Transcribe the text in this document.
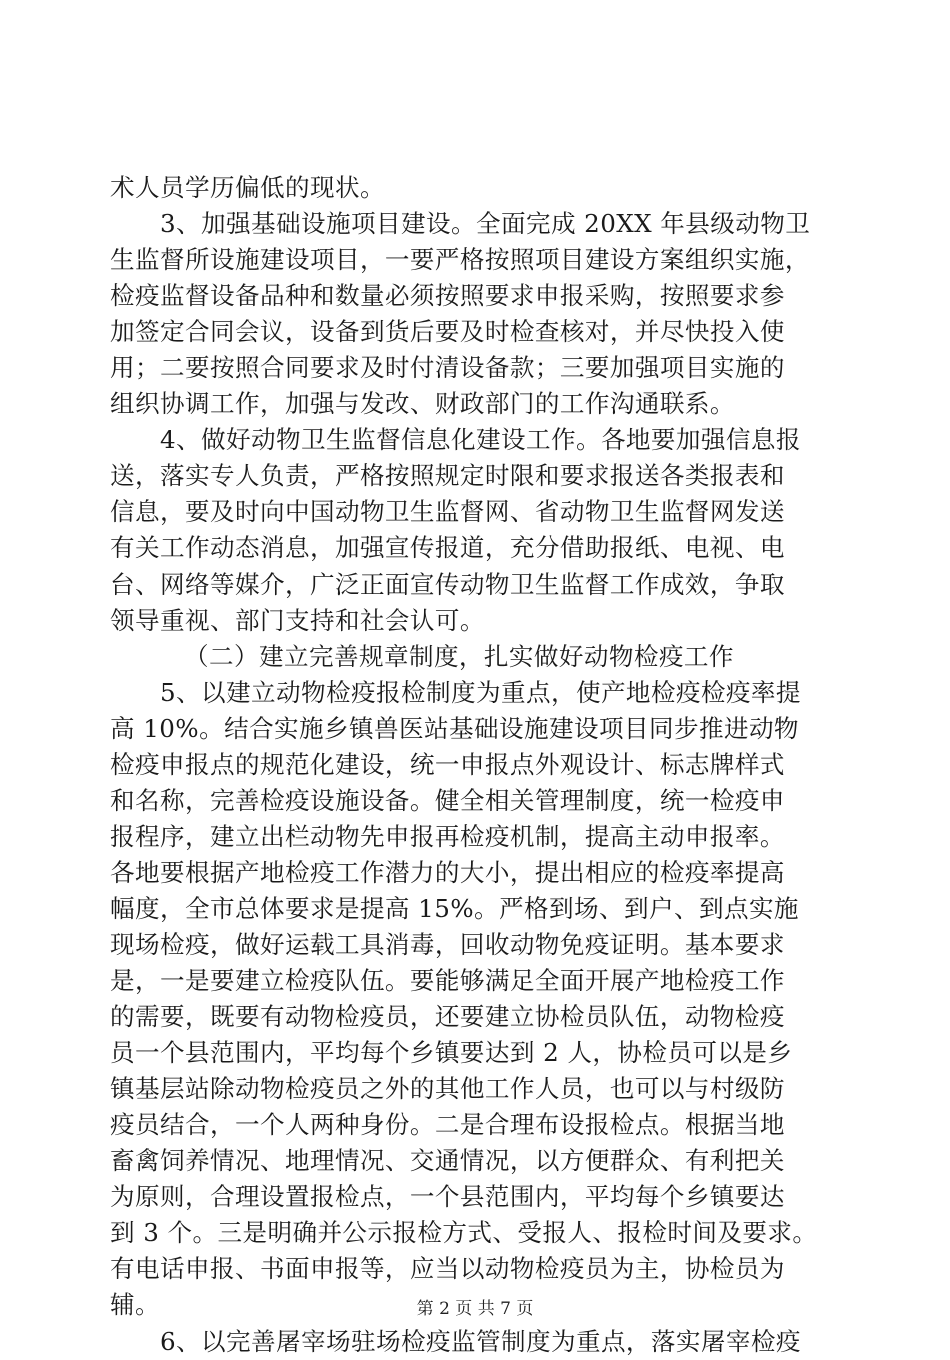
术人员学历偏低的现状。
3、加强基础设施项目建设。全面完成 20XX 年县级动物卫
生监督所设施建设项目，一要严格按照项目建设方案组织实施，
检疫监督设备品种和数量必须按照要求申报采购，按照要求参
加签定合同会议，设备到货后要及时检查核对，并尽快投入使
用；二要按照合同要求及时付清设备款；三要加强项目实施的
组织协调工作，加强与发改、财政部门的工作沟通联系。
4、做好动物卫生监督信息化建设工作。各地要加强信息报
送，落实专人负责，严格按照规定时限和要求报送各类报表和
信息，要及时向中国动物卫生监督网、省动物卫生监督网发送
有关工作动态消息，加强宣传报道，充分借助报纸、电视、电
台、网络等媒介，广泛正面宣传动物卫生监督工作成效，争取
领导重视、部门支持和社会认可。
（二）建立完善规章制度，扎实做好动物检疫工作
5、以建立动物检疫报检制度为重点，使产地检疫检疫率提
高 10%。结合实施乡镇兽医站基础设施建设项目同步推进动物
检疫申报点的规范化建设，统一申报点外观设计、标志牌样式
和名称，完善检疫设施设备。健全相关管理制度，统一检疫申
报程序，建立出栏动物先申报再检疫机制，提高主动申报率。
各地要根据产地检疫工作潜力的大小，提出相应的检疫率提高
幅度，全市总体要求是提高 15%。严格到场、到户、到点实施
现场检疫，做好运载工具消毒，回收动物免疫证明。基本要求
是，一是要建立检疫队伍。要能够满足全面开展产地检疫工作
的需要，既要有动物检疫员，还要建立协检员队伍，动物检疫
员一个县范围内，平均每个乡镇要达到 2 人，协检员可以是乡
镇基层站除动物检疫员之外的其他工作人员，也可以与村级防
疫员结合，一个人两种身份。二是合理布设报检点。根据当地
畜禽饲养情况、地理情况、交通情况，以方便群众、有利把关
为原则，合理设置报检点，一个县范围内，平均每个乡镇要达
到 3 个。三是明确并公示报检方式、受报人、报检时间及要求。
有电话申报、书面申报等，应当以动物检疫员为主，协检员为
辅。
6、以完善屠宰场驻场检疫监管制度为重点，落实屠宰检疫
第 2 页 共 7 页
